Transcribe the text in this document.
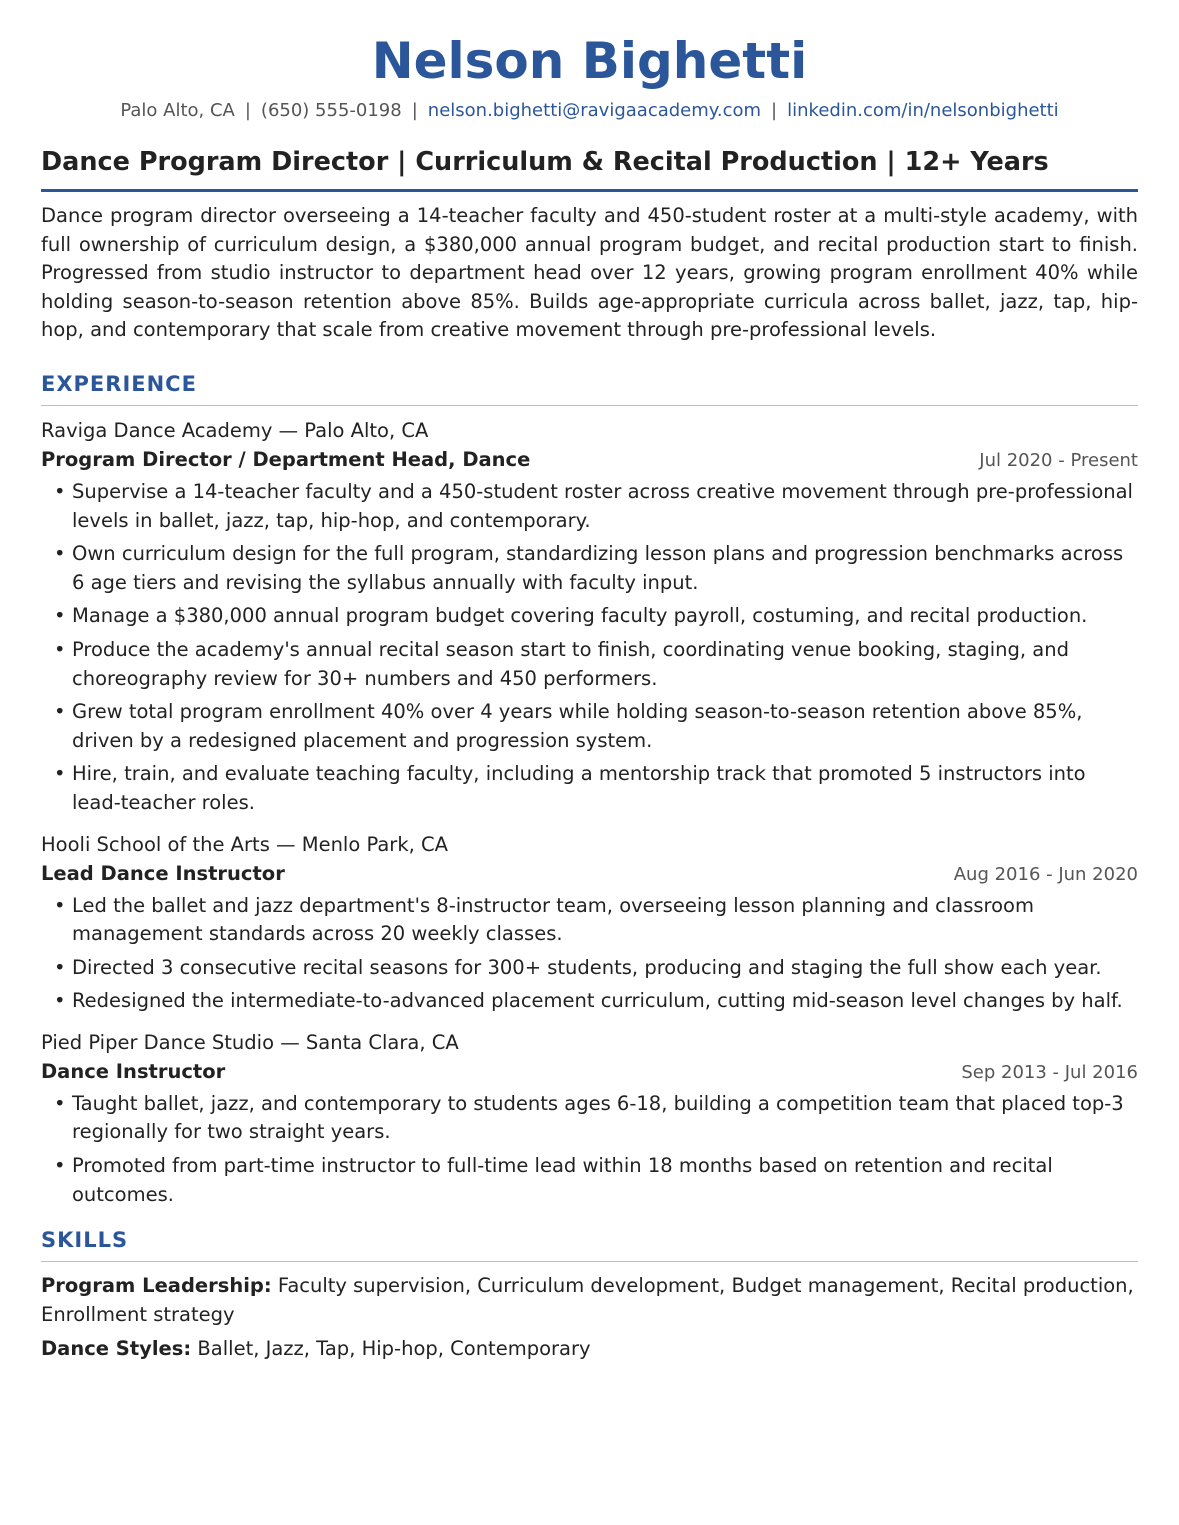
Nelson Bighetti
Palo Alto, CA | (650) 555-0198 | nelson.bighetti@ravigaacademy.com | linkedin.com/in/nelsonbighetti
Dance Program Director | Curriculum & Recital Production | 12+ Years

Dance program director overseeing a 14-teacher faculty and 450-student roster at a multi-style academy, with full ownership of curriculum design, a $380,000 annual program budget, and recital production start to finish. Progressed from studio instructor to department head over 12 years, growing program enrollment 40% while holding season-to-season retention above 85%. Builds age-appropriate curricula across ballet, jazz, tap, hip-hop, and contemporary that scale from creative movement through pre-professional levels.

EXPERIENCE
Raviga Dance Academy — Palo Alto, CA
Program Director / Department Head, Dance	Jul 2020 - Present
• Supervise a 14-teacher faculty and a 450-student roster across creative movement through pre-professional levels in ballet, jazz, tap, hip-hop, and contemporary.
• Own curriculum design for the full program, standardizing lesson plans and progression benchmarks across 6 age tiers and revising the syllabus annually with faculty input.
• Manage a $380,000 annual program budget covering faculty payroll, costuming, and recital production.
• Produce the academy's annual recital season start to finish, coordinating venue booking, staging, and choreography review for 30+ numbers and 450 performers.
• Grew total program enrollment 40% over 4 years while holding season-to-season retention above 85%, driven by a redesigned placement and progression system.
• Hire, train, and evaluate teaching faculty, including a mentorship track that promoted 5 instructors into lead-teacher roles.
Hooli School of the Arts — Menlo Park, CA
Lead Dance Instructor	Aug 2016 - Jun 2020
• Led the ballet and jazz department's 8-instructor team, overseeing lesson planning and classroom management standards across 20 weekly classes.
• Directed 3 consecutive recital seasons for 300+ students, producing and staging the full show each year.
• Redesigned the intermediate-to-advanced placement curriculum, cutting mid-season level changes by half.
Pied Piper Dance Studio — Santa Clara, CA
Dance Instructor	Sep 2013 - Jul 2016
• Taught ballet, jazz, and contemporary to students ages 6-18, building a competition team that placed top-3 regionally for two straight years.
• Promoted from part-time instructor to full-time lead within 18 months based on retention and recital outcomes.
SKILLS
Program Leadership: Faculty supervision, Curriculum development, Budget management, Recital production, Enrollment strategy
Dance Styles: Ballet, Jazz, Tap, Hip-hop, Contemporary
